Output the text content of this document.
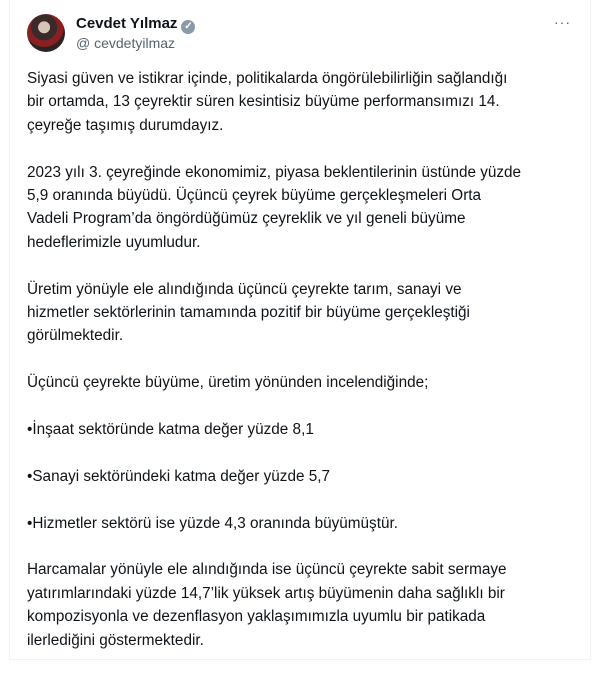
Cevdet Yılmaz ✓
@ cevdetyilmaz
···
Siyasi güven ve istikrar içinde, politikalarda öngörülebilirliğin sağlandığı
bir ortamda, 13 çeyrektir süren kesintisiz büyüme performansımızı 14.
çeyreğe taşımış durumdayız.
2023 yılı 3. çeyreğinde ekonomimiz, piyasa beklentilerinin üstünde yüzde
5,9 oranında büyüdü. Üçüncü çeyrek büyüme gerçekleşmeleri Orta
Vadeli Program’da öngördüğümüz çeyreklik ve yıl geneli büyüme
hedeflerimizle uyumludur.
Üretim yönüyle ele alındığında üçüncü çeyrekte tarım, sanayi ve
hizmetler sektörlerinin tamamında pozitif bir büyüme gerçekleştiği
görülmektedir.
Üçüncü çeyrekte büyüme, üretim yönünden incelendiğinde;
•İnşaat sektöründe katma değer yüzde 8,1
•Sanayi sektöründeki katma değer yüzde 5,7
•Hizmetler sektörü ise yüzde 4,3 oranında büyümüştür.
Harcamalar yönüyle ele alındığında ise üçüncü çeyrekte sabit sermaye
yatırımlarındaki yüzde 14,7’lik yüksek artış büyümenin daha sağlıklı bir
kompozisyonla ve dezenflasyon yaklaşımımızla uyumlu bir patikada
ilerlediğini göstermektedir.
